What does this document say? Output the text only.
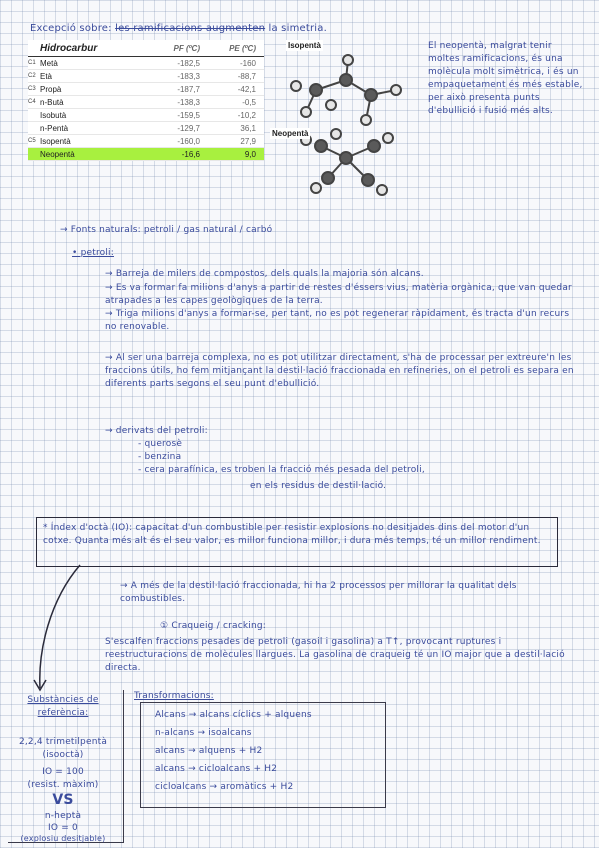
Excepció sobre: les ramificacions augmenten la simetria.
Hidrocarbur	PF (ºC)	PE (ºC)
C1 Metà	-182,5	-160
C2 Età	-183,3	-88,7
C3 Propà	-187,7	-42,1
C4 n-Butà	-138,3	-0,5
Isobutà	-159,5	-10,2
n-Pentà	-129,7	36,1
C5 Isopentà	-160,0	27,9
Neopentà	-16,6	9,0
Isopentà
Neopentà
El neopentà, malgrat tenir moltes ramificacions, és una molècula molt simètrica, i és un empaquetament és més estable, per això presenta punts d'ebullició i fusió més alts.
→ Fonts naturals: petroli / gas natural / carbó
• petroli:
→ Barreja de milers de compostos, dels quals la majoria són alcans.
→ Es va formar fa milions d'anys a partir de restes d'éssers vius, matèria orgànica, que van quedar atrapades a les capes geològiques de la terra.
→ Triga milions d'anys a formar-se, per tant, no es pot regenerar ràpidament, és tracta d'un recurs no renovable.
→ Al ser una barreja complexa, no es pot utilitzar directament, s'ha de processar per extreure'n les fraccions útils, ho fem mitjançant la destil·lació fraccionada en refineries, on el petroli es separa en diferents parts segons el seu punt d'ebullició.
→ derivats del petroli:
- querosè
- benzina
- cera parafínica, es troben la fracció més pesada del petroli,
en els residus de destil·lació.
* Índex d'octà (IO): capacitat d'un combustible per resistir explosions no desitjades dins del motor d'un cotxe. Quanta més alt és el seu valor, es millor funciona millor, i dura més temps, té un millor rendiment.
→ A més de la destil·lació fraccionada, hi ha 2 processos per millorar la qualitat dels combustibles.
① Craqueig / cracking:
S'escalfen fraccions pesades de petroli (gasoil i gasolina) a T↑, provocant ruptures i reestructuracions de molècules llargues. La gasolina de craqueig té un IO major que a destil·lació directa.
Substàncies de referència:
2,2,4 trimetilpentà
(isooctà)
IO = 100
(resist. màxim)
VS
n-heptà
IO = 0
(explosiu desitjable)
Transformacions:
Alcans → alcans cíclics + alquens
n-alcans → isoalcans
alcans → alquens + H2
alcans → cicloalcans + H2
cicloalcans → aromàtics + H2
